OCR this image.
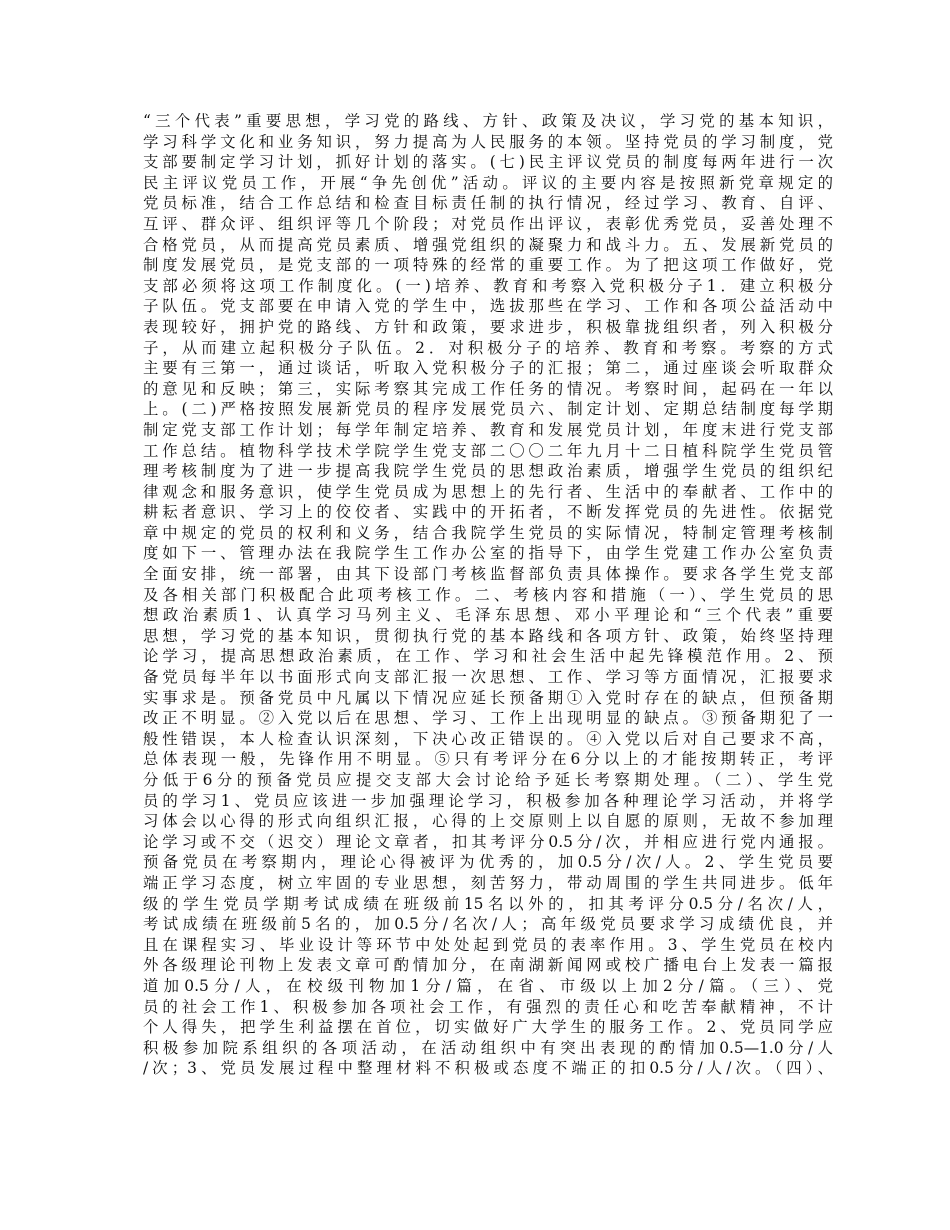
“三个代表”重要思想，学习党的路线、方针、政策及决议，学习党的基本知识，
学习科学文化和业务知识，努力提高为人民服务的本领。坚持党员的学习制度，党
支部要制定学习计划，抓好计划的落实。(七)民主评议党员的制度每两年进行一次
民主评议党员工作，开展“争先创优”活动。评议的主要内容是按照新党章规定的
党员标准，结合工作总结和检查目标责任制的执行情况，经过学习、教育、自评、
互评、群众评、组织评等几个阶段；对党员作出评议，表彰优秀党员，妥善处理不
合格党员，从而提高党员素质、增强党组织的凝聚力和战斗力。五、发展新党员的
制度发展党员，是党支部的一项特殊的经常的重要工作。为了把这项工作做好，党
支部必须将这项工作制度化。(一)培养、教育和考察入党积极分子1．建立积极分
子队伍。党支部要在申请入党的学生中，选拔那些在学习、工作和各项公益活动中
表现较好，拥护党的路线、方针和政策，要求进步，积极靠拢组织者，列入积极分
子，从而建立起积极分子队伍。2．对积极分子的培养、教育和考察。考察的方式
主要有三第一，通过谈话，听取入党积极分子的汇报；第二，通过座谈会听取群众
的意见和反映；第三，实际考察其完成工作任务的情况。考察时间，起码在一年以
上。(二)严格按照发展新党员的程序发展党员六、制定计划、定期总结制度每学期
制定党支部工作计划；每学年制定培养、教育和发展党员计划，年度末进行党支部
工作总结。植物科学技术学院学生党支部二〇〇二年九月十二日植科院学生党员管
理考核制度为了进一步提高我院学生党员的思想政治素质，增强学生党员的组织纪
律观念和服务意识，使学生党员成为思想上的先行者、生活中的奉献者、工作中的
耕耘者意识、学习上的佼佼者、实践中的开拓者，不断发挥党员的先进性。依据党
章中规定的党员的权利和义务，结合我院学生党员的实际情况，特制定管理考核制
度如下一、管理办法在我院学生工作办公室的指导下，由学生党建工作办公室负责
全面安排，统一部署，由其下设部门考核监督部负责具体操作。要求各学生党支部
及各相关部门积极配合此项考核工作。二、考核内容和措施（一）、学生党员的思
想政治素质1、认真学习马列主义、毛泽东思想、邓小平理论和“三个代表”重要
思想，学习党的基本知识，贯彻执行党的基本路线和各项方针、政策，始终坚持理
论学习，提高思想政治素质，在工作、学习和社会生活中起先锋模范作用。2、预
备党员每半年以书面形式向支部汇报一次思想、工作、学习等方面情况，汇报要求
实事求是。预备党员中凡属以下情况应延长预备期①入党时存在的缺点，但预备期
改正不明显。②入党以后在思想、学习、工作上出现明显的缺点。③预备期犯了一
般性错误，本人检查认识深刻，下决心改正错误的。④入党以后对自己要求不高，
总体表现一般，先锋作用不明显。⑤只有考评分在6分以上的才能按期转正，考评
分低于6分的预备党员应提交支部大会讨论给予延长考察期处理。（二）、学生党
员的学习1、党员应该进一步加强理论学习，积极参加各种理论学习活动，并将学
习体会以心得的形式向组织汇报，心得的上交原则上以自愿的原则，无故不参加理
论学习或不交（迟交）理论文章者，扣其考评分0.5分/次，并相应进行党内通报。
预备党员在考察期内，理论心得被评为优秀的，加0.5分/次/人。2、学生党员要
端正学习态度，树立牢固的专业思想，刻苦努力，带动周围的学生共同进步。低年
级的学生党员学期考试成绩在班级前15名以外的，扣其考评分0.5分/名次/人，
考试成绩在班级前5名的，加0.5分/名次/人；高年级党员要求学习成绩优良，并
且在课程实习、毕业设计等环节中处处起到党员的表率作用。3、学生党员在校内
外各级理论刊物上发表文章可酌情加分，在南湖新闻网或校广播电台上发表一篇报
道加0.5分/人，在校级刊物加1分/篇，在省、市级以上加2分/篇。（三）、党
员的社会工作1、积极参加各项社会工作，有强烈的责任心和吃苦奉献精神，不计
个人得失，把学生利益摆在首位，切实做好广大学生的服务工作。2、党员同学应
积极参加院系组织的各项活动，在活动组织中有突出表现的酌情加0.5—1.0分/人
/次；3、党员发展过程中整理材料不积极或态度不端正的扣0.5分/人/次。（四）、
